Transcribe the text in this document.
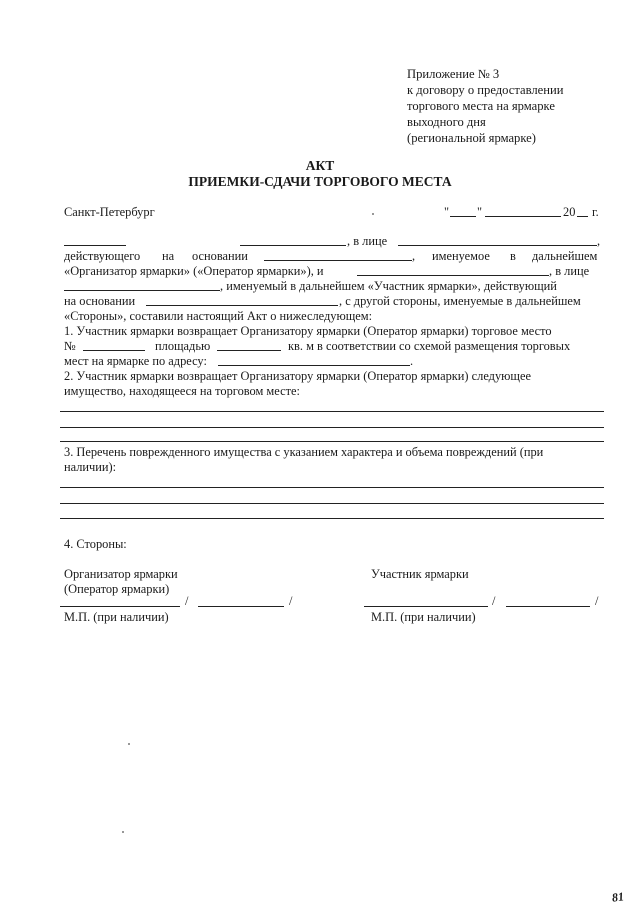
Приложение № 3
к договору о предоставлении
торгового места на ярмарке
выходного дня
(региональной ярмарке)
АКТ
ПРИЕМКИ-СДАЧИ ТОРГОВОГО МЕСТА
Санкт-Петербург	" "	20 г.
, в лице	,
действующего на основании	, именуемое в дальнейшем
«Организатор ярмарки» («Оператор ярмарки»), и	, в лице
, именуемый в дальнейшем «Участник ярмарки», действующий
на основании	, с другой стороны, именуемые в дальнейшем
«Стороны», составили настоящий Акт о нижеследующем:
1. Участник ярмарки возвращает Организатору ярмарки (Оператор ярмарки) торговое место
№	площадью	кв. м в соответствии со схемой размещения торговых
мест на ярмарке по адресу:	.
2. Участник ярмарки возвращает Организатору ярмарки (Оператор ярмарки) следующее
имущество, находящееся на торговом месте:
3. Перечень поврежденного имущества с указанием характера и объема повреждений (при
наличии):
4. Стороны:
Организатор ярмарки
(Оператор ярмарки)
/	/
М.П. (при наличии)
Участник ярмарки
/	/
М.П. (при наличии)
81
